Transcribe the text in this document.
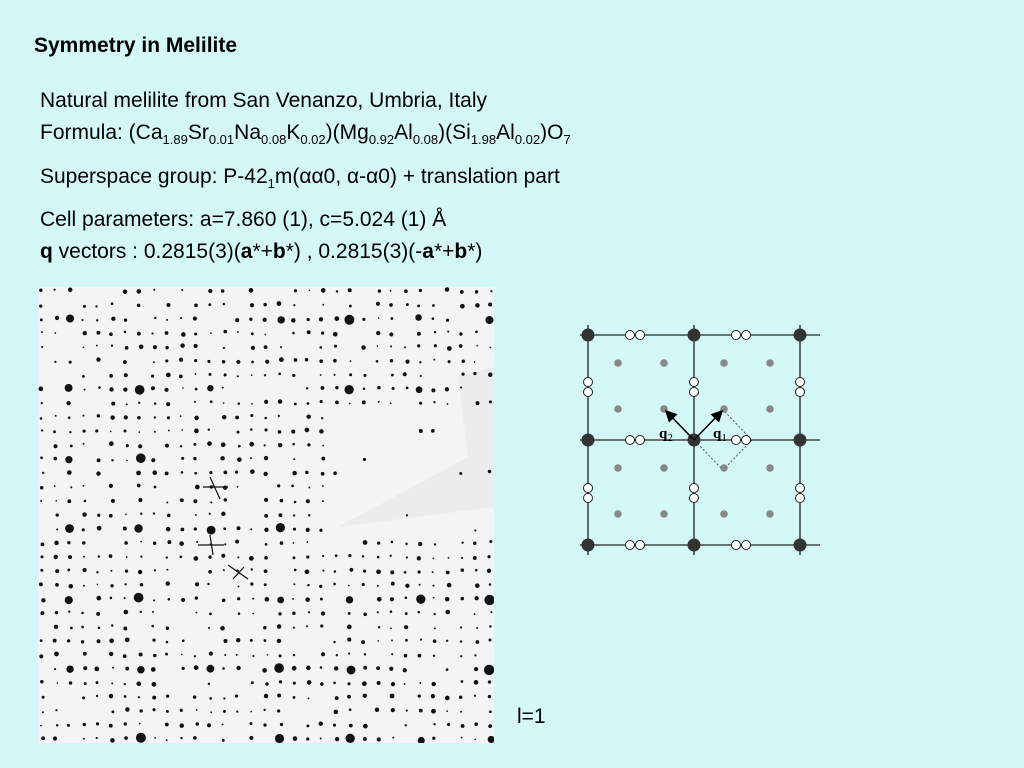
Symmetry in Melilite
Natural melilite from San Venanzo, Umbria, Italy
Formula: $(Ca_{1.89}Sr_{0.01}Na_{0.08}K_{0.02})(Mg_{0.92}Al_{0.08})(Si_{1.98}Al_{0.02})O_7$
Superspace group: $P-42_1m(\alpha\alpha 0$, α-α0) + translation part
Cell parameters: a=7.860 (1), c=5.024 (1) Å
q vectors : 0.2815(3)(a*+b*) , 0.2815(3)(-a*+b*)
$q_1$
$q_2$
l=1
